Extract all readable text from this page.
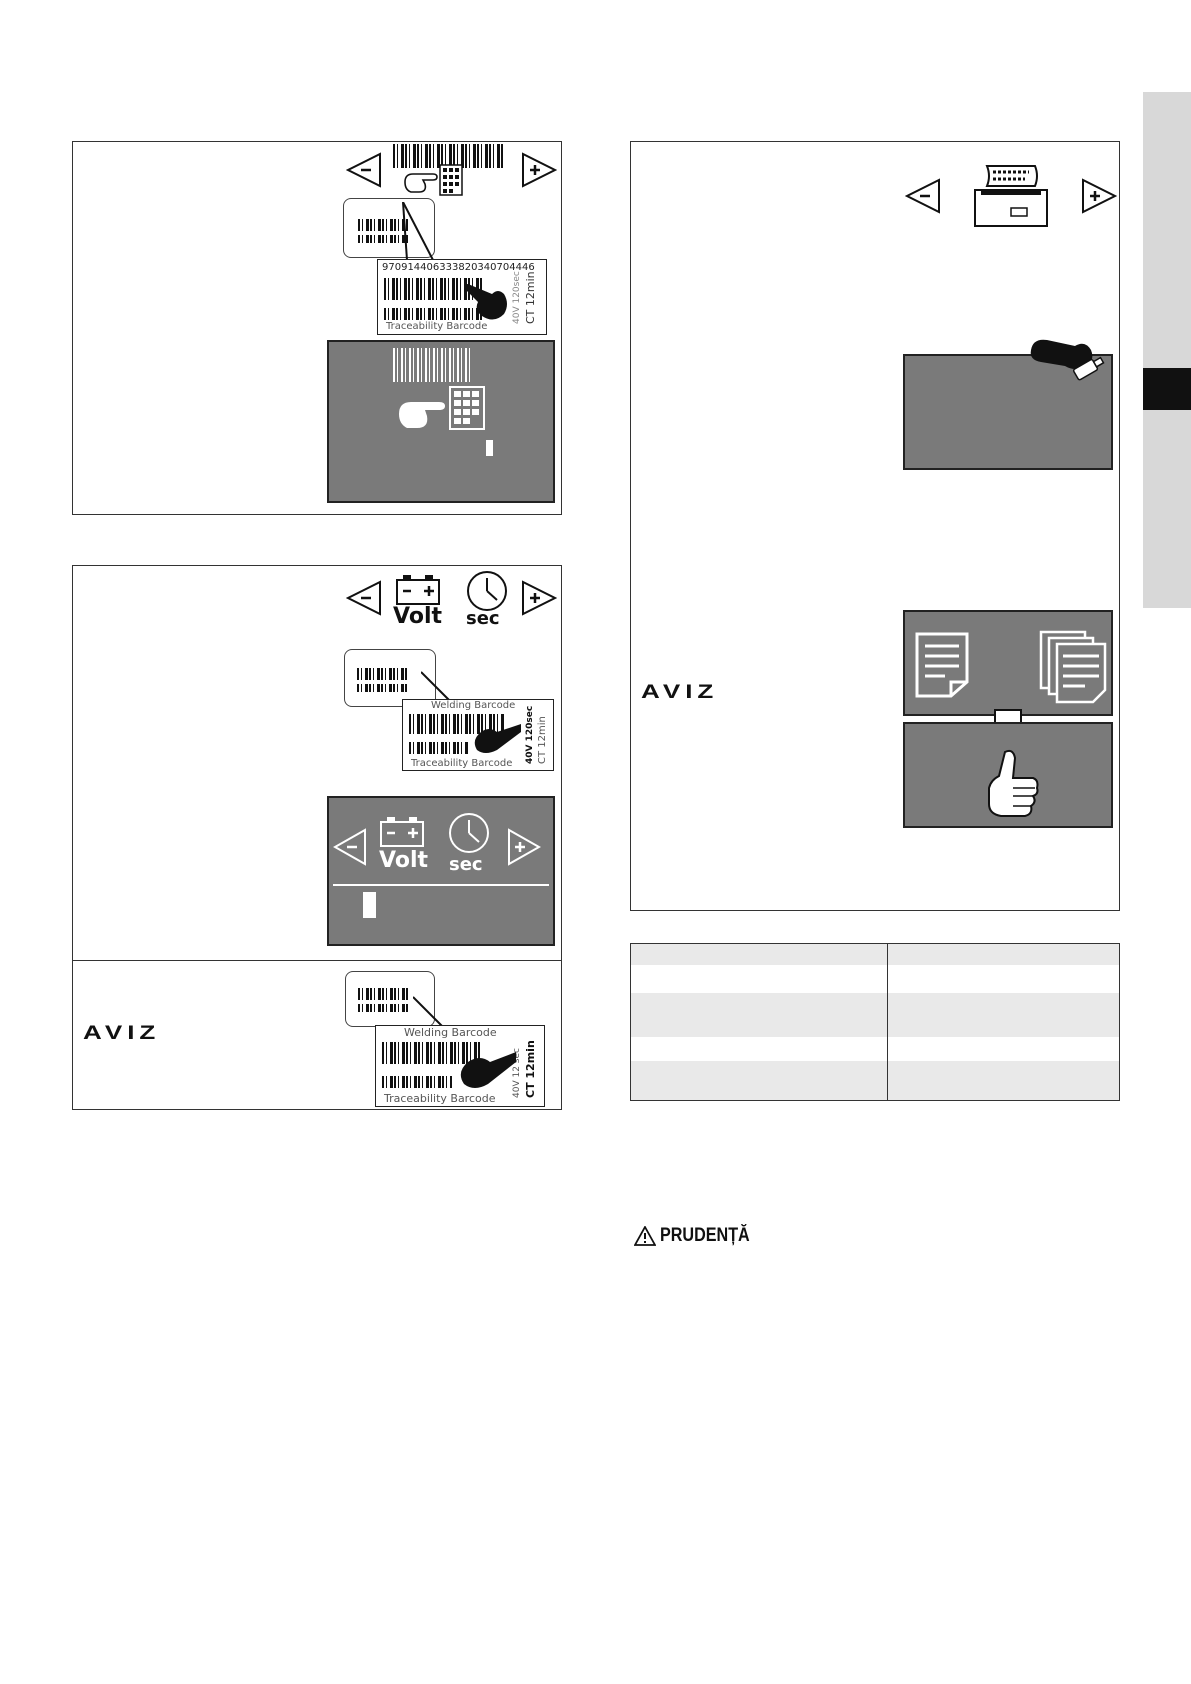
970914406333820340704446
Traceability Barcode
40V 120sec CT 12min
Volt sec
Welding Barcode
Traceability Barcode 40V 120sec CT 12min
Volt sec
AVIZ	Welding Barcode
Traceability Barcode
40V 12 sec CT 12min
AVIZ

PRUDENȚĂ
